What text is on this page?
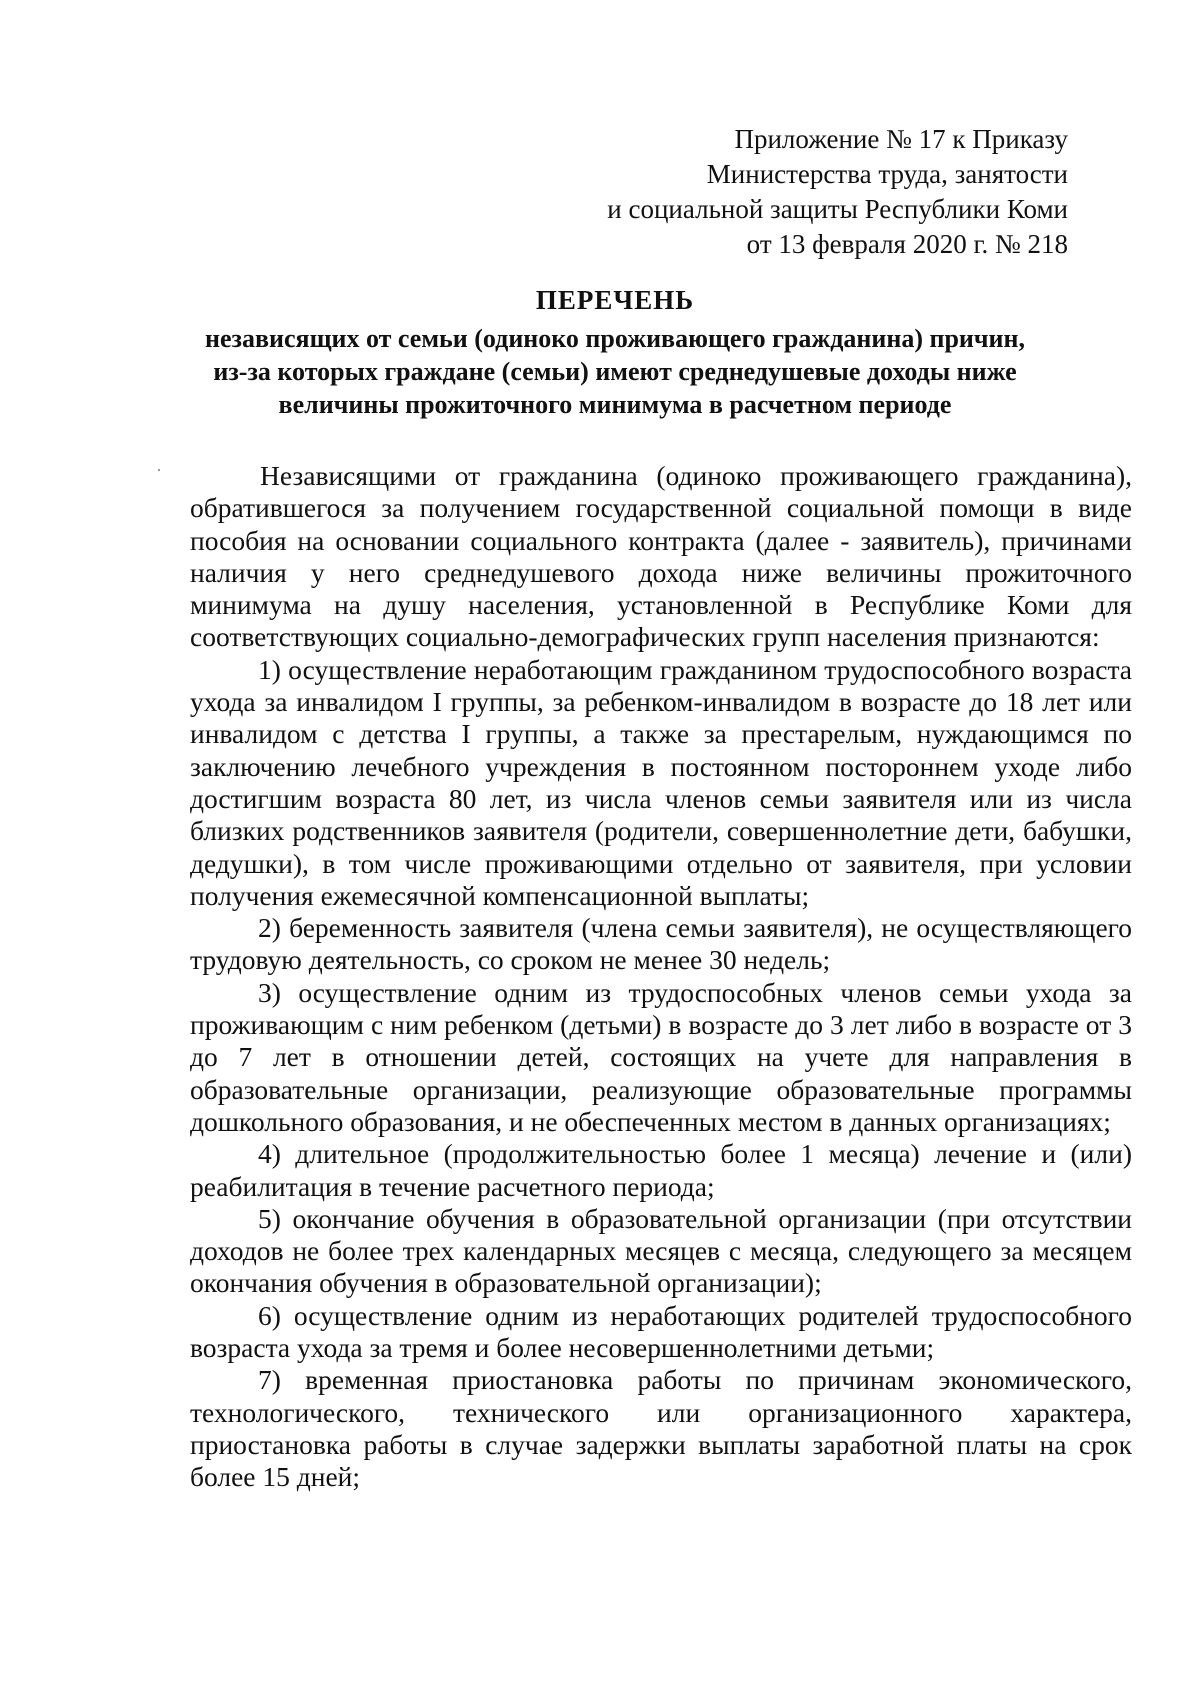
Приложение № 17 к Приказу
Министерства труда, занятости
и социальной защиты Республики Коми
от 13 февраля 2020 г. № 218
ПЕРЕЧЕНЬ
независящих от семьи (одиноко проживающего гражданина) причин,
из-за которых граждане (семьи) имеют среднедушевые доходы ниже
величины прожиточного минимума в расчетном периоде

Независящими от гражданина (одиноко проживающего гражданина), обратившегося за получением государственной социальной помощи в виде пособия на основании социального контракта (далее - заявитель), причинами наличия у него среднедушевого дохода ниже величины прожиточного минимума на душу населения, установленной в Республике Коми для соответствующих социально-демографических групп населения признаются:

1) осуществление неработающим гражданином трудоспособного возраста ухода за инвалидом I группы, за ребенком-инвалидом в возрасте до 18 лет или инвалидом с детства I группы, а также за престарелым, нуждающимся по заключению лечебного учреждения в постоянном постороннем уходе либо достигшим возраста 80 лет, из числа членов семьи заявителя или из числа близких родственников заявителя (родители, совершеннолетние дети, бабушки, дедушки), в том числе проживающими отдельно от заявителя, при условии получения ежемесячной компенсационной выплаты;

2) беременность заявителя (члена семьи заявителя), не осуществляющего трудовую деятельность, со сроком не менее 30 недель;

3) осуществление одним из трудоспособных членов семьи ухода за проживающим с ним ребенком (детьми) в возрасте до 3 лет либо в возрасте от 3 до 7 лет в отношении детей, состоящих на учете для направления в образовательные организации, реализующие образовательные программы дошкольного образования, и не обеспеченных местом в данных организациях;

4) длительное (продолжительностью более 1 месяца) лечение и (или) реабилитация в течение расчетного периода;

5) окончание обучения в образовательной организации (при отсутствии доходов не более трех календарных месяцев с месяца, следующего за месяцем окончания обучения в образовательной организации);

6) осуществление одним из неработающих родителей трудоспособного возраста ухода за тремя и более несовершеннолетними детьми;

7) временная приостановка работы по причинам экономического, технологического, технического или организационного характера, приостановка работы в случае задержки выплаты заработной платы на срок более 15 дней;
